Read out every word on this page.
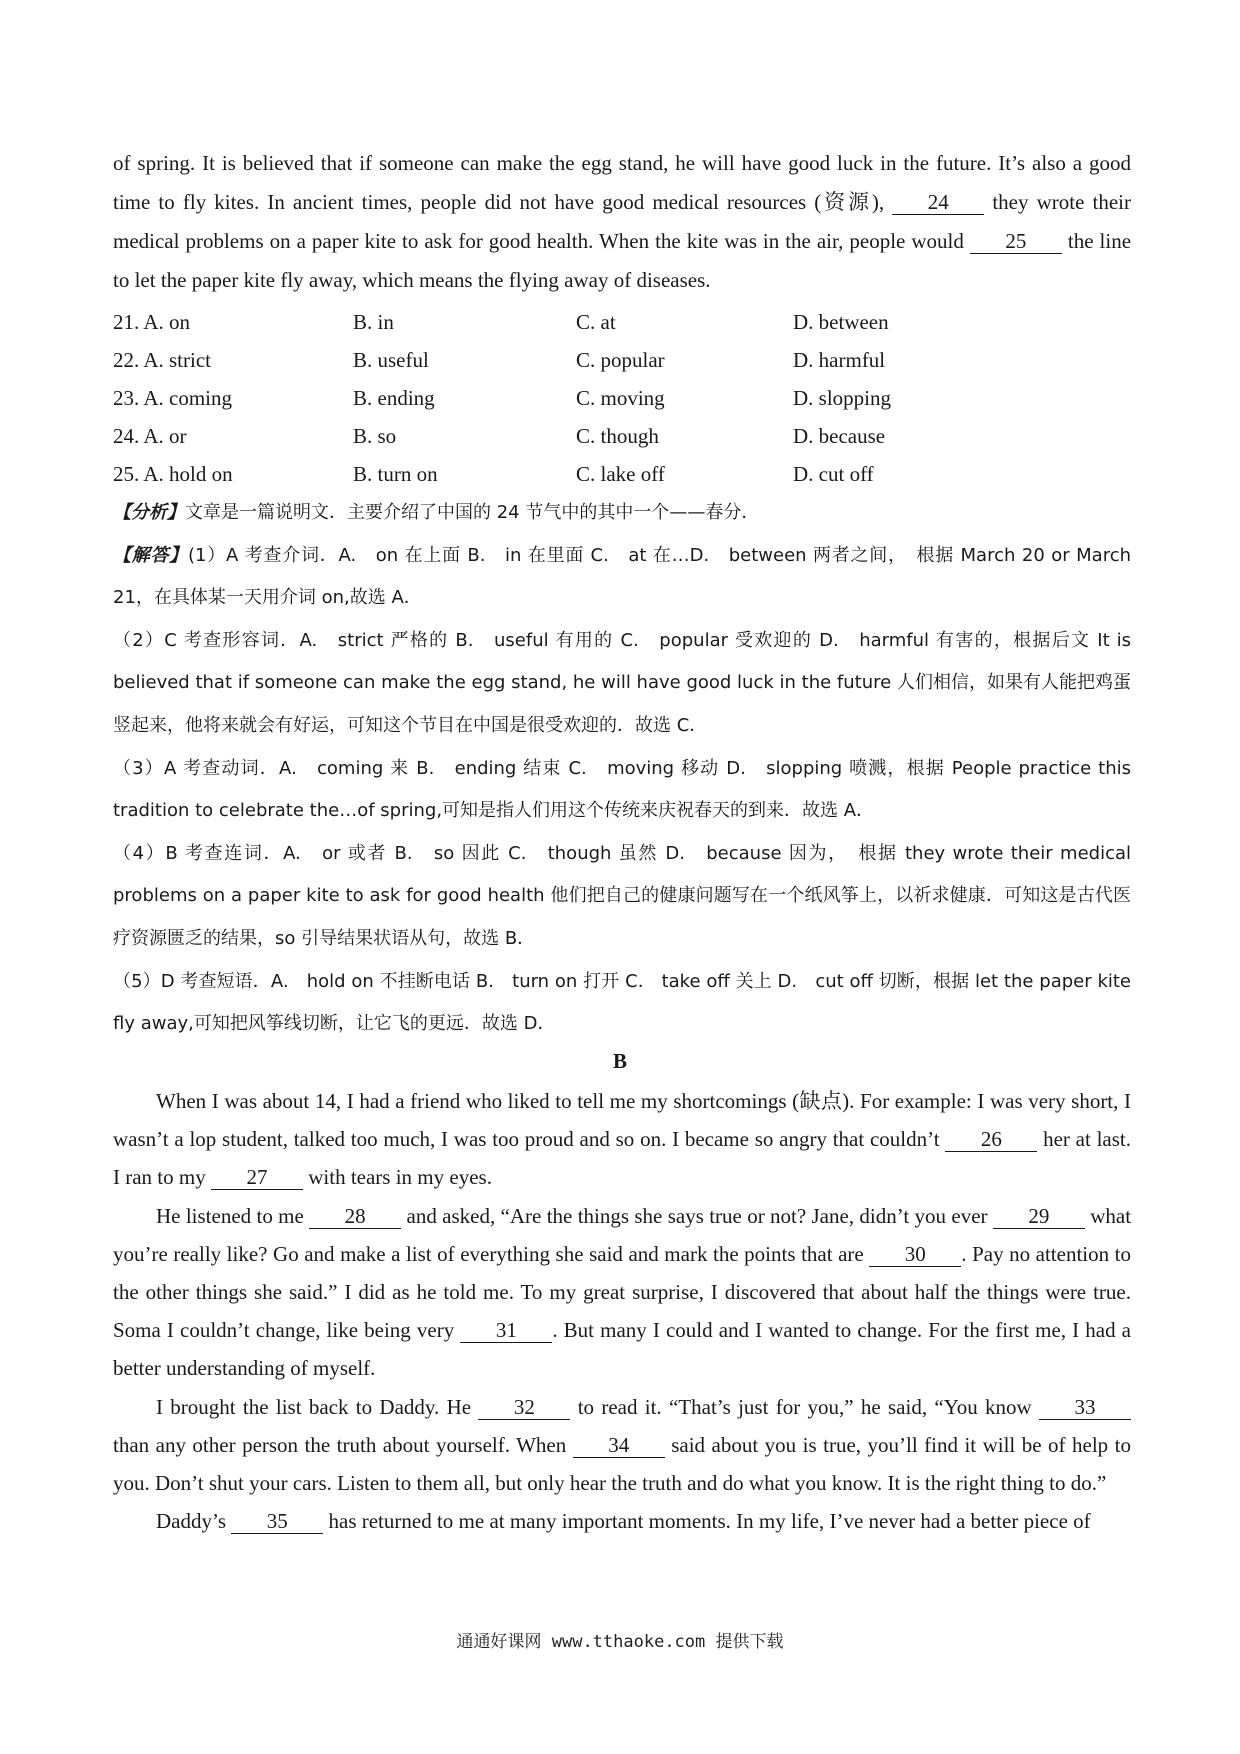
of spring. It is believed that if someone can make the egg stand, he will have good luck in the future. It’s also a good time to fly kites. In ancient times, people did not have good medical resources (资源), 24 they wrote their medical problems on a paper kite to ask for good health. When the kite was in the air, people would 25 the line to let the paper kite fly away, which means the flying away of diseases.
21. A. on	B. in	C. at	D. between
22. A. strict	B. useful	C. popular	D. harmful
23. A. coming	B. ending	C. moving	D. slopping
24. A. or	B. so	C. though	D. because
25. A. hold on	B. turn on	C. lake off	D. cut off

【分析】文章是一篇说明文．主要介绍了中国的 24 节气中的其中一个——春分．

【解答】(1）A 考查介词．A.　on 在上面 B.　in 在里面 C.　at 在…D.　between 两者之间，　根据 March 20 or March 21，在具体某一天用介词 on,故选 A．

（2）C 考查形容词．A.　strict 严格的 B.　useful 有用的 C.　popular 受欢迎的 D.　harmful 有害的，根据后文 It is believed that if someone can make the egg stand, he will have good luck in the future 人们相信，如果有人能把鸡蛋竖起来，他将来就会有好运，可知这个节目在中国是很受欢迎的．故选 C．

（3）A 考查动词．A.　coming 来 B.　ending 结束 C.　moving 移动 D.　slopping 喷溅，根据 People practice this tradition to celebrate the…of spring,可知是指人们用这个传统来庆祝春天的到来．故选 A．

（4）B 考查连词．A.　or 或者 B.　so 因此 C.　though 虽然 D.　because 因为，　根据 they wrote their medical problems on a paper kite to ask for good health 他们把自己的健康问题写在一个纸风筝上，以祈求健康．可知这是古代医疗资源匮乏的结果，so 引导结果状语从句，故选 B．

（5）D 考查短语．A.　hold on 不挂断电话 B.　turn on 打开 C.　take off 关上 D.　cut off 切断，根据 let the paper kite fly away,可知把风筝线切断，让它飞的更远．故选 D．

B

When I was about 14, I had a friend who liked to tell me my shortcomings (缺点). For example: I was very short, I wasn’t a lop student, talked too much, I was too proud and so on. I became so angry that couldn’t 26 her at last. I ran to my 27 with tears in my eyes.

He listened to me 28 and asked, “Are the things she says true or not? Jane, didn’t you ever 29 what you’re really like? Go and make a list of everything she said and mark the points that are 30 . Pay no attention to the other things she said.” I did as he told me. To my great surprise, I discovered that about half the things were true. Soma I couldn’t change, like being very 31 . But many I could and I wanted to change. For the first me, I had a better understanding of myself.

I brought the list back to Daddy. He 32 to read it. “That’s just for you,” he said, “You know 33 than any other person the truth about yourself. When 34 said about you is true, you’ll find it will be of help to you. Don’t shut your cars. Listen to them all, but only hear the truth and do what you know. It is the right thing to do.”

Daddy’s 35 has returned to me at many important moments. In my life, I’ve never had a better piece of

通通好课网 www.tthaoke.com 提供下载
